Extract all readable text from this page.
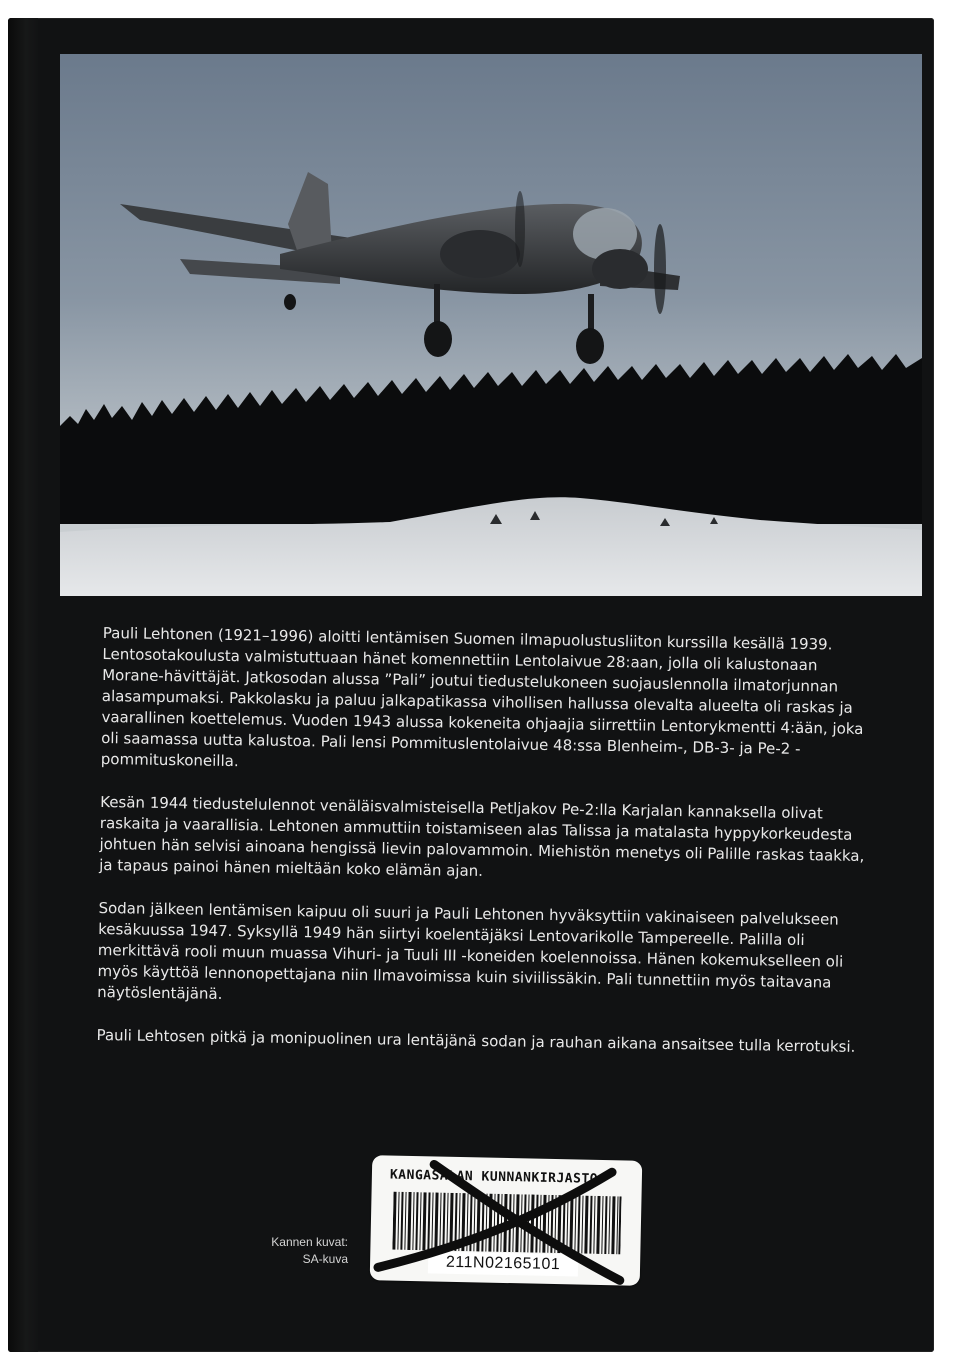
Pauli Lehtonen (1921–1996) aloitti lentämisen Suomen ilmapuolustusliiton kurssilla kesällä 1939. Lentosotakoulusta valmistuttuaan hänet komennettiin Lentolaivue 28:aan, jolla oli kalustonaan Morane-hävittäjät. Jatkosodan alussa ”Pali” joutui tiedustelukoneen suojauslennolla ilmatorjunnan alasampumaksi. Pakkolasku ja paluu jalkapatikassa vihollisen hallussa olevalta alueelta oli raskas ja vaarallinen koettelemus. Vuoden 1943 alussa kokeneita ohjaajia siirrettiin Lentorykmentti 4:ään, joka oli saamassa uutta kalustoa. Pali lensi Pommituslentolaivue 48:ssa Blenheim-, DB-3- ja Pe-2 -pommituskoneilla.

Kesän 1944 tiedustelulennot venäläisvalmisteisella Petljakov Pe-2:lla Karjalan kannaksella olivat raskaita ja vaarallisia. Lehtonen ammuttiin toistamiseen alas Talissa ja matalasta hyppykorkeudesta johtuen hän selvisi ainoana hengissä lievin palovammoin. Miehistön menetys oli Palille raskas taakka, ja tapaus painoi hänen mieltään koko elämän ajan.

Sodan jälkeen lentämisen kaipuu oli suuri ja Pauli Lehtonen hyväksyttiin vakinaiseen palvelukseen kesäkuussa 1947. Syksyllä 1949 hän siirtyi koelentäjäksi Lentovarikolle Tampereelle. Palilla oli merkittävä rooli muun muassa Vihuri- ja Tuuli III -koneiden koelennoissa. Hänen kokemukselleen oli myös käyttöä lennonopettajana niin Ilmavoimissa kuin siviilissäkin. Pali tunnettiin myös taitavana näytöslentäjänä.

Pauli Lehtosen pitkä ja monipuolinen ura lentäjänä sodan ja rauhan aikana ansaitsee tulla kerrotuksi.

Kannen kuvat:
SA-kuva
KANGASALAN KUNNANKIRJASTO
211N02165101
